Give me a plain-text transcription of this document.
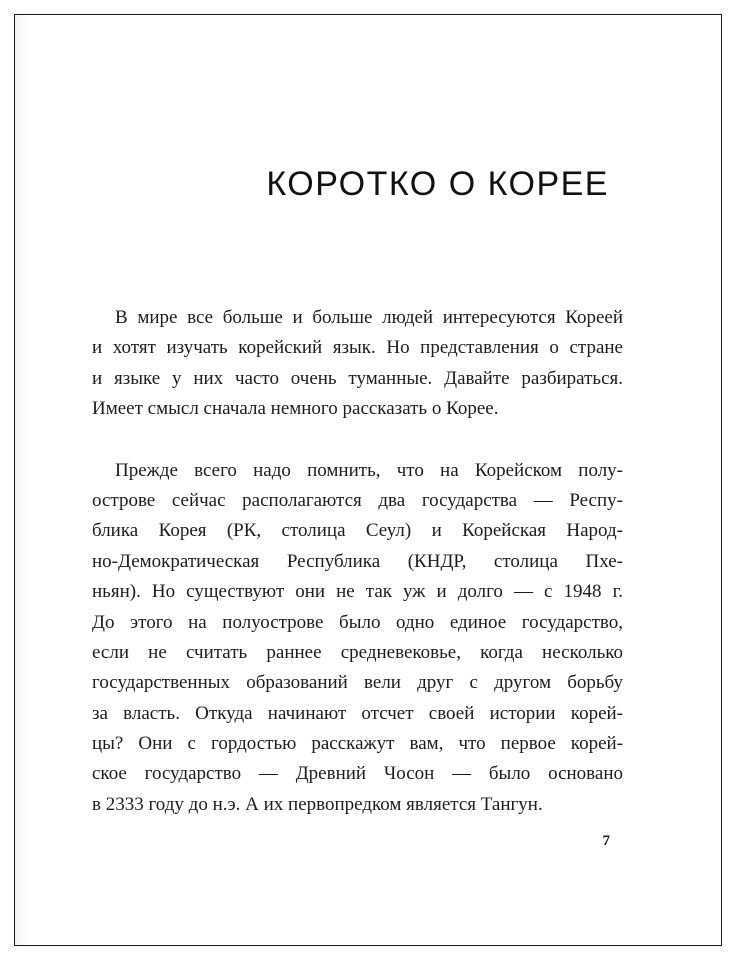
КОРОТКО О КОРЕЕ

В мире все больше и больше людей интересуются Кореей
и хотят изучать корейский язык. Но представления о стране
и языке у них часто очень туманные. Давайте разбираться.
Имеет смысл сначала немного рассказать о Корее.

Прежде всего надо помнить, что на Корейском полу-
острове сейчас располагаются два государства — Респу-
блика Корея (РК, столица Сеул) и Корейская Народ-
но-Демократическая Республика (КНДР, столица Пхе-
ньян). Но существуют они не так уж и долго — с 1948 г.
До этого на полуострове было одно единое государство,
если не считать раннее средневековье, когда несколько
государственных образований вели друг с другом борьбу
за власть. Откуда начинают отсчет своей истории корей-
цы? Они с гордостью расскажут вам, что первое корей-
ское государство — Древний Чосон — было основано
в 2333 году до н.э. А их первопредком является Тангун.

7
